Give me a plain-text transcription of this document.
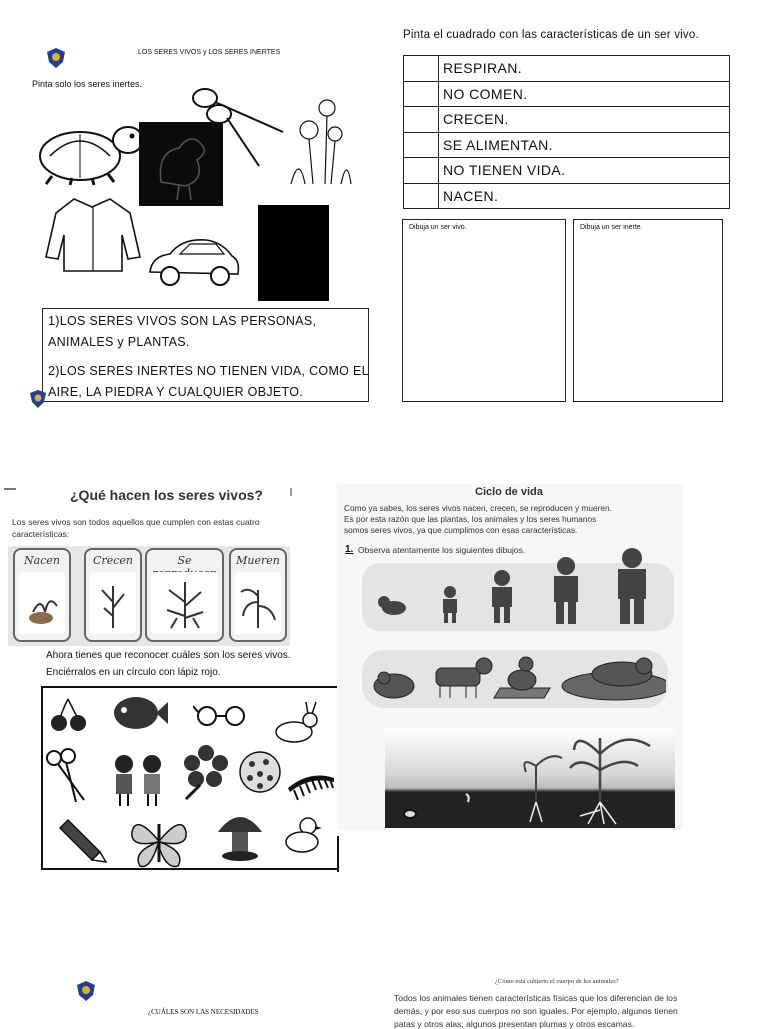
LOS SERES VIVOS y LOS SERES INERTES
Pinta solo los seres inertes.
1)LOS SERES VIVOS SON LAS PERSONAS,
ANIMALES y PLANTAS.
2)LOS SERES INERTES NO TIENEN VIDA, COMO EL
AIRE, LA PIEDRA Y CUALQUIER OBJETO.
Pinta el cuadrado con las características de un ser vivo.
	RESPIRAN.
	NO COMEN.
	CRECEN.
	SE ALIMENTAN.
	NO TIENEN VIDA.
	NACEN.
Dibuja un ser vivo.	Dibuja un ser inerte.
¿Qué hacen los seres vivos?
Los seres vivos son todos aquellos que cumplen con estas cuatro
características:
Nacen	Crecen	Se	Mueren
Ahora tienes que reconocer cuáles son los seres vivos.
Enciérralos en un círculo con lápiz rojo.
Ciclo de vida
Como ya sabes, los seres vivos nacen, crecen, se reproducen y mueren.
Es por esta razón que las plantas, los animales y los seres humanos
somos seres vivos, ya que cumplimos con esas características.
1. Observa atentamente los siguientes dibujos.
¿CUÁLES SON LAS NECESIDADES
¿Cómo está cubierto el cuerpo de los animales?
Todos los animales tienen características físicas que los diferencian de los
demás, y por eso sus cuerpos no son iguales. Por ejemplo, algunos tienen
patas y otros alas; algunos presentan plumas y otros escamas.
